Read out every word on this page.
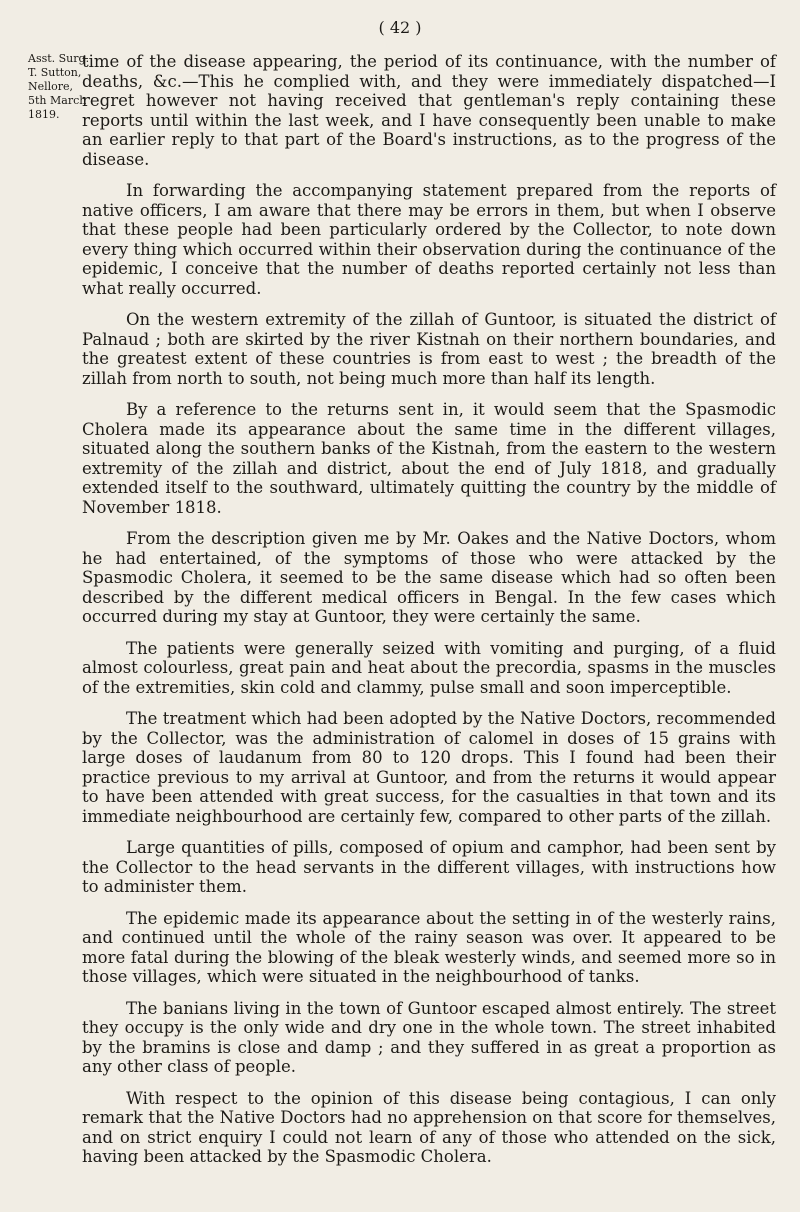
( 42 )
Asst. Surg.
T. Sutton,
Nellore,
5th March
1819.

time of the disease appearing, the period of its continuance, with the number of deaths, &c.—This he complied with, and they were immediately dispatched—I regret however not having received that gentleman's reply containing these reports until within the last week, and I have consequently been unable to make an earlier reply to that part of the Board's instructions, as to the progress of the disease.

In forwarding the accompanying statement prepared from the reports of native officers, I am aware that there may be errors in them, but when I observe that these people had been particularly ordered by the Collector, to note down every thing which occurred within their observation during the continuance of the epidemic, I conceive that the number of deaths reported certainly not less than what really occurred.

On the western extremity of the zillah of Guntoor, is situated the district of Palnaud ; both are skirted by the river Kistnah on their northern boundaries, and the greatest extent of these countries is from east to west ; the breadth of the zillah from north to south, not being much more than half its length.

By a reference to the returns sent in, it would seem that the Spasmodic Cholera made its appearance about the same time in the different villages, situated along the southern banks of the Kistnah, from the eastern to the western extremity of the zillah and district, about the end of July 1818, and gradually extended itself to the southward, ultimately quitting the country by the middle of November 1818.

From the description given me by Mr. Oakes and the Native Doctors, whom he had entertained, of the symptoms of those who were attacked by the Spasmodic Cholera, it seemed to be the same disease which had so often been described by the different medical officers in Bengal. In the few cases which occurred during my stay at Guntoor, they were certainly the same.

The patients were generally seized with vomiting and purging, of a fluid almost colourless, great pain and heat about the precordia, spasms in the muscles of the extremities, skin cold and clammy, pulse small and soon imperceptible.

The treatment which had been adopted by the Native Doctors, recommended by the Collector, was the administration of calomel in doses of 15 grains with large doses of laudanum from 80 to 120 drops. This I found had been their practice previous to my arrival at Guntoor, and from the returns it would appear to have been attended with great success, for the casualties in that town and its immediate neighbourhood are certainly few, compared to other parts of the zillah.

Large quantities of pills, composed of opium and camphor, had been sent by the Collector to the head servants in the different villages, with instructions how to administer them.

The epidemic made its appearance about the setting in of the westerly rains, and continued until the whole of the rainy season was over. It appeared to be more fatal during the blowing of the bleak westerly winds, and seemed more so in those villages, which were situated in the neighbourhood of tanks.

The banians living in the town of Guntoor escaped almost entirely. The street they occupy is the only wide and dry one in the whole town. The street inhabited by the bramins is close and damp ; and they suffered in as great a proportion as any other class of people.

With respect to the opinion of this disease being contagious, I can only remark that the Native Doctors had no apprehension on that score for themselves, and on strict enquiry I could not learn of any of those who attended on the sick, having been attacked by the Spasmodic Cholera.
